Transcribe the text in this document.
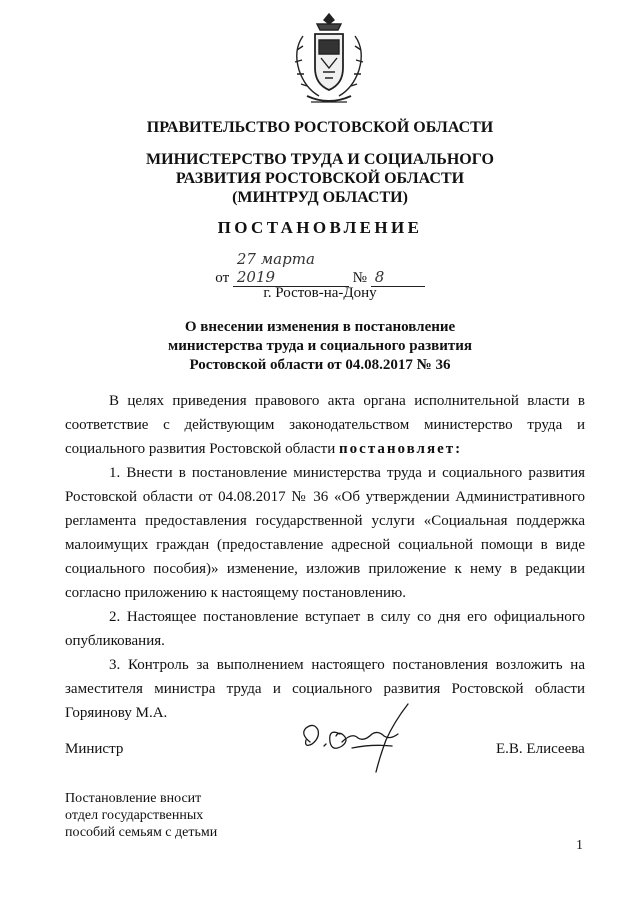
ПРАВИТЕЛЬСТВО РОСТОВСКОЙ ОБЛАСТИ
МИНИСТЕРСТВО ТРУДА И СОЦИАЛЬНОГО
РАЗВИТИЯ РОСТОВСКОЙ ОБЛАСТИ
(МИНТРУД ОБЛАСТИ)
ПОСТАНОВЛЕНИЕ
от 27 марта 2019	№ 8
г. Ростов-на-Дону
О внесении изменения в постановление
министерства труда и социального развития
Ростовской области от 04.08.2017 № 36

В целях приведения правового акта органа исполнительной власти в соответствие с действующим законодательством министерство труда и социального развития Ростовской области постановляет:

1. Внести в постановление министерства труда и социального развития Ростовской области от 04.08.2017 № 36 «Об утверждении Административного регламента предоставления государственной услуги «Социальная поддержка малоимущих граждан (предоставление адресной социальной помощи в виде социального пособия)» изменение, изложив приложение к нему в редакции согласно приложению к настоящему постановлению.

2. Настоящее постановление вступает в силу со дня его официального опубликования.

3. Контроль за выполнением настоящего постановления возложить на заместителя министра труда и социального развития Ростовской области Горяинову М.А.

Министр	Е.В. Елисеева
Постановление вносит
отдел государственных
пособий семьям с детьми
1
